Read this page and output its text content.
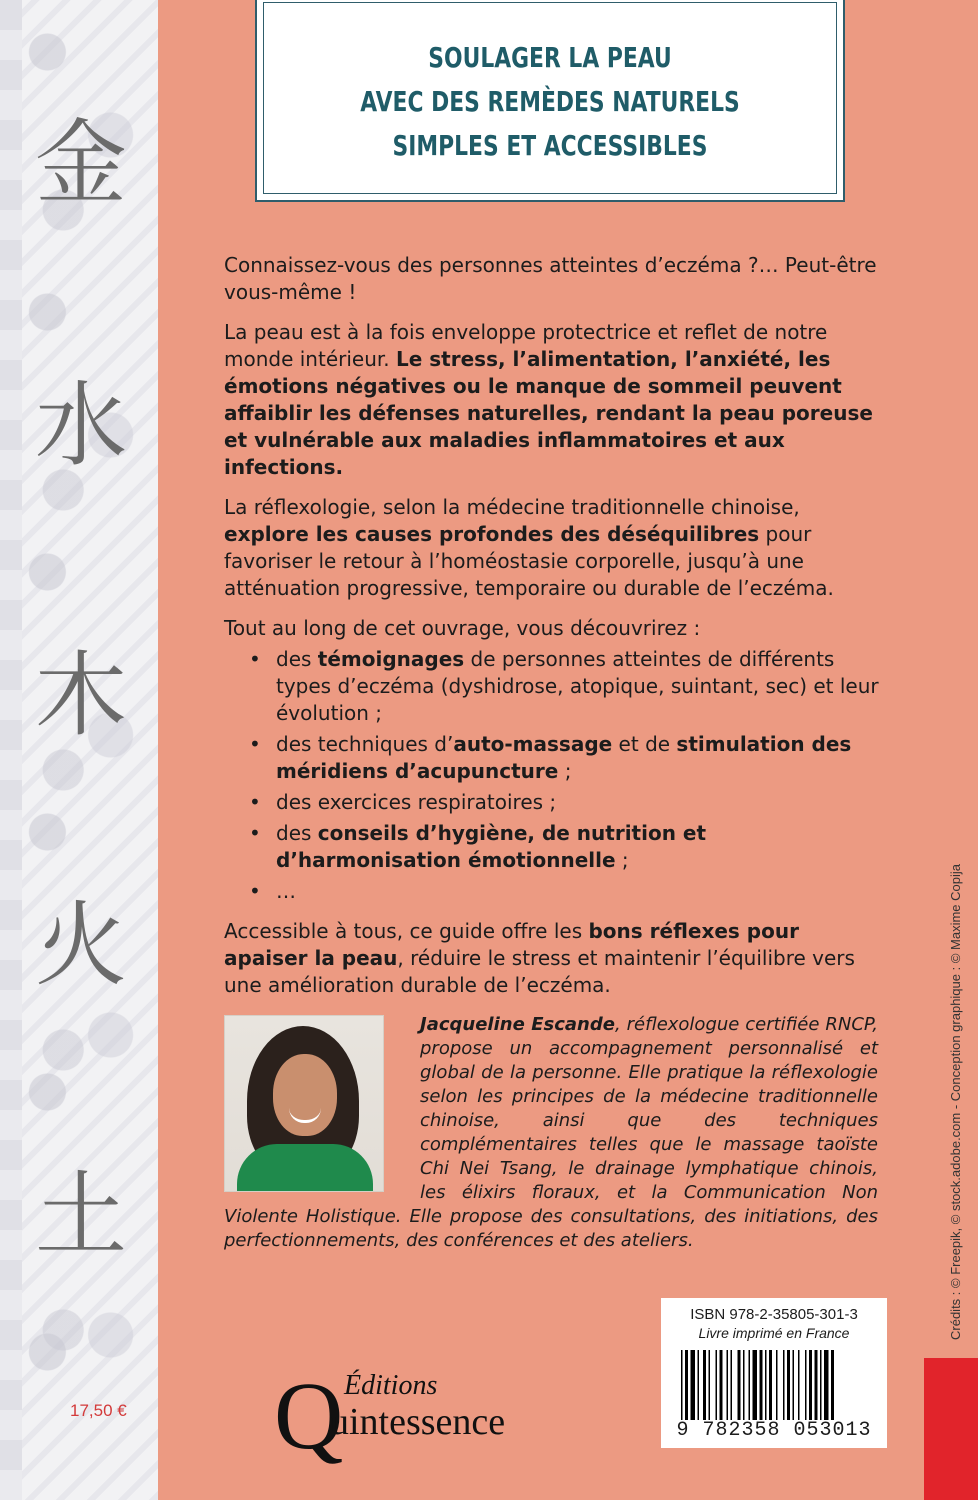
金
水
木
火
土
17,50 €
SOULAGER LA PEAU
AVEC DES REMÈDES NATURELS
SIMPLES ET ACCESSIBLES

Connaissez-vous des personnes atteintes d’eczéma ?… Peut-être vous-même !

La peau est à la fois enveloppe protectrice et reflet de notre monde intérieur. Le stress, l’alimentation, l’anxiété, les émotions négatives ou le manque de sommeil peuvent affaiblir les défenses naturelles, rendant la peau poreuse et vulnérable aux maladies inflammatoires et aux infections.

La réflexologie, selon la médecine traditionnelle chinoise, explore les causes profondes des déséquilibres pour favoriser le retour à l’homéostasie corporelle, jusqu’à une atténuation progressive, temporaire ou durable de l’eczéma.

Tout au long de cet ouvrage, vous découvrirez :

• des témoignages de personnes atteintes de différents types d’eczéma (dyshidrose, atopique, suintant, sec) et leur évolution ;
• des techniques d’auto-massage et de stimulation des méridiens d’acupuncture ;
• des exercices respiratoires ;
• des conseils d’hygiène, de nutrition et d’harmonisation émotionnelle ;
• …

Accessible à tous, ce guide offre les bons réflexes pour apaiser la peau, réduire le stress et maintenir l’équilibre vers une amélioration durable de l’eczéma.

Jacqueline Escande, réflexologue certifiée RNCP, propose un accompagnement personnalisé et global de la personne. Elle pratique la réflexologie selon les principes de la médecine traditionnelle chinoise, ainsi que des techniques complémentaires telles que le massage taoïste Chi Nei Tsang, le drainage lymphatique chinois, les élixirs floraux, et la Communication Non Violente Holistique. Elle propose des consultations, des initiations, des perfectionnements, des conférences et des ateliers.
Q Éditions
uintessence
ISBN 978-2-35805-301-3
Livre imprimé en France
9 782358 053013
Crédits : © Freepik, © stock.adobe.com - Conception graphique : © Maxime Copija
